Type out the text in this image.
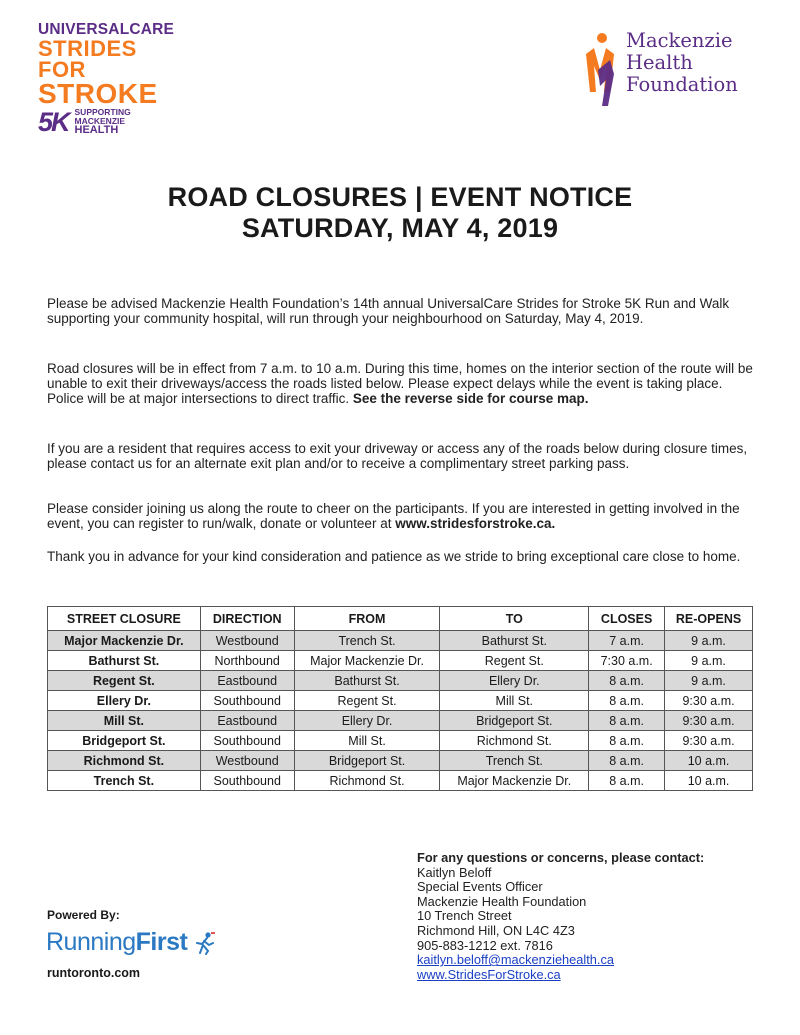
UNIVERSALCARE
STRIDES FOR
STROKE
5K SUPPORTING
MACKENZIE
HEALTH
Mackenzie
Health
Foundation
ROAD CLOSURES | EVENT NOTICE
SATURDAY, MAY 4, 2019
Please be advised Mackenzie Health Foundation’s 14th annual UniversalCare Strides for Stroke 5K Run and Walk supporting your community hospital, will run through your neighbourhood on Saturday, May 4, 2019.
Road closures will be in effect from 7 a.m. to 10 a.m. During this time, homes on the interior section of the route will be unable to exit their driveways/access the roads listed below. Please expect delays while the event is taking place. Police will be at major intersections to direct traffic. See the reverse side for course map.
If you are a resident that requires access to exit your driveway or access any of the roads below during closure times, please contact us for an alternate exit plan and/or to receive a complimentary street parking pass.
Please consider joining us along the route to cheer on the participants. If you are interested in getting involved in the event, you can register to run/walk, donate or volunteer at www.stridesforstroke.ca.
Thank you in advance for your kind consideration and patience as we stride to bring exceptional care close to home.
STREET CLOSURE	DIRECTION	FROM	TO	CLOSES	RE-OPENS
Major Mackenzie Dr.	Westbound	Trench St.	Bathurst St.	7 a.m.	9 a.m.
Bathurst St.	Northbound	Major Mackenzie Dr.	Regent St.	7:30 a.m.	9 a.m.
Regent St.	Eastbound	Bathurst St.	Ellery Dr.	8 a.m.	9 a.m.
Ellery Dr.	Southbound	Regent St.	Mill St.	8 a.m.	9:30 a.m.
Mill St.	Eastbound	Ellery Dr.	Bridgeport St.	8 a.m.	9:30 a.m.
Bridgeport St.	Southbound	Mill St.	Richmond St.	8 a.m.	9:30 a.m.
Richmond St.	Westbound	Bridgeport St.	Trench St.	8 a.m.	10 a.m.
Trench St.	Southbound	Richmond St.	Major Mackenzie Dr.	8 a.m.	10 a.m.
Powered By:
RunningFirst
runtoronto.com
For any questions or concerns, please contact:
Kaitlyn Beloff
Special Events Officer
Mackenzie Health Foundation
10 Trench Street
Richmond Hill, ON L4C 4Z3
905-883-1212 ext. 7816
kaitlyn.beloff@mackenziehealth.ca
www.StridesForStroke.ca
